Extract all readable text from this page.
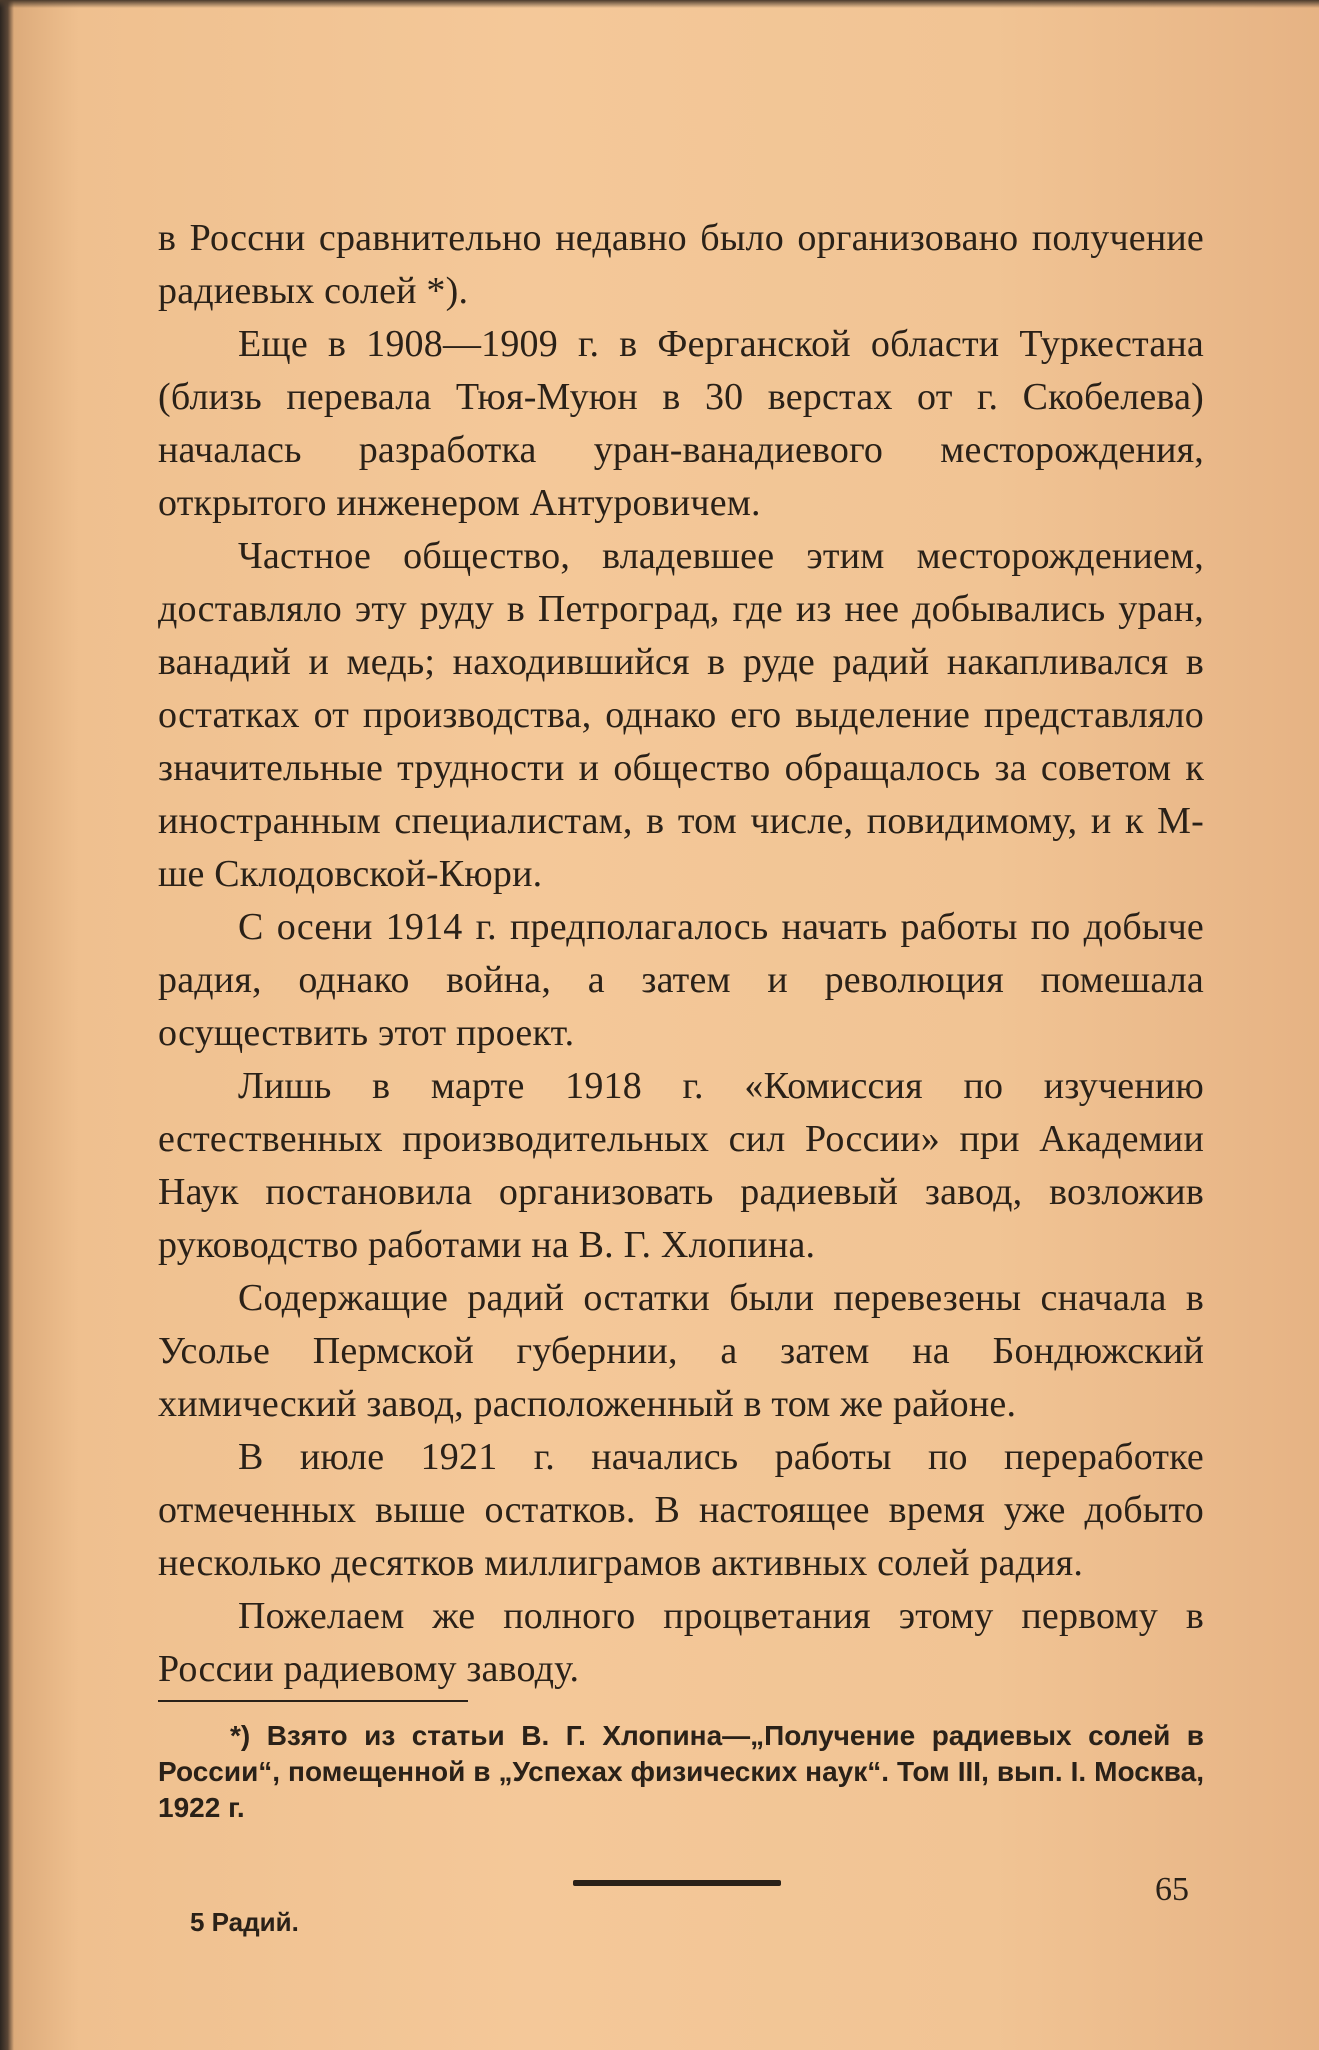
в Россни сравнительно недавно было организовано получение радиевых солей *).

Еще в 1908—1909 г. в Ферганской области Туркестана (близь перевала Тюя-Муюн в 30 верстах от г. Скобелева) началась разработка уран-ванадиевого месторождения, открытого инженером Антуровичем.

Частное общество, владевшее этим месторождением, доставляло эту руду в Петроград, где из нее добывались уран, ванадий и медь; находившийся в руде радий накапливался в остатках от производства, однако его выделение представляло значительные трудности и общество обращалось за советом к иностранным специалистам, в том числе, повидимому, и к М-ше Склодовской-Кюри.

С осени 1914 г. предполагалось начать работы по добыче радия, однако война, а затем и революция помешала осуществить этот проект.

Лишь в марте 1918 г. «Комиссия по изучению естественных производительных сил России» при Академии Наук постановила организовать радиевый завод, возложив руководство работами на В. Г. Хлопина.

Содержащие радий остатки были перевезены сначала в Усолье Пермской губернии, а затем на Бондюжский химический завод, расположенный в том же районе.

В июле 1921 г. начались работы по переработке отмеченных выше остатков. В настоящее время уже добыто несколько десятков миллиграмов активных солей радия.

Пожелаем же полного процветания этому первому в России радиевому заводу.

*) Взято из статьи В. Г. Хлопина—„Получение радиевых солей в России“, помещенной в „Успехах физических наук“. Том III, вып. I. Москва, 1922 г.

65
5 Радий.
